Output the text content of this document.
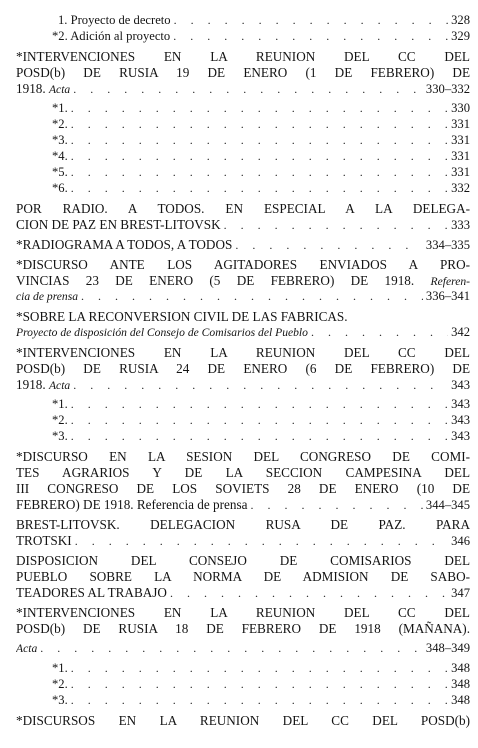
1. Proyecto de decreto . . .	328
*2. Adición al proyecto . . .	329
*INTERVENCIONES EN LA REUNION DEL CC DEL
POSD(b) DE RUSIA 19 DE ENERO (1 DE FEBRERO) DE
1918. Acta . . .	330–332
*1. . . .	330
*2. . . .	331
*3. . . .	331
*4. . . .	331
*5. . . .	331
*6. . . .	332
POR RADIO. A TODOS. EN ESPECIAL A LA DELEGA-
CION DE PAZ EN BREST-LITOVSK . . .	333
*RADIOGRAMA A TODOS, A TODOS . . .	334–335
*DISCURSO ANTE LOS AGITADORES ENVIADOS A PRO-
VINCIAS 23 DE ENERO (5 DE FEBRERO) DE 1918. Referen-
cia de prensa . . .	336–341
*SOBRE LA RECONVERSION CIVIL DE LAS FABRICAS.
Proyecto de disposición del Consejo de Comisarios del Pueblo . . .	342
*INTERVENCIONES EN LA REUNION DEL CC DEL
POSD(b) DE RUSIA 24 DE ENERO (6 DE FEBRERO) DE
1918. Acta . . .	343
*1. . . .	343
*2. . . .	343
*3. . . .	343
*DISCURSO EN LA SESION DEL CONGRESO DE COMI-
TES AGRARIOS Y DE LA SECCION CAMPESINA DEL
III CONGRESO DE LOS SOVIETS 28 DE ENERO (10 DE
FEBRERO) DE 1918. Referencia de prensa . . .	344–345
BREST-LITOVSK. DELEGACION RUSA DE PAZ. PARA
TROTSKI . . .	346
DISPOSICION DEL CONSEJO DE COMISARIOS DEL
PUEBLO SOBRE LA NORMA DE ADMISION DE SABO-
TEADORES AL TRABAJO . . .	347
*INTERVENCIONES EN LA REUNION DEL CC DEL
POSD(b) DE RUSIA 18 DE FEBRERO DE 1918 (MAÑANA).
Acta . . .	348–349
*1. . . .	348
*2. . . .	348
*3. . . .	348
*DISCURSOS EN LA REUNION DEL CC DEL POSD(b)
